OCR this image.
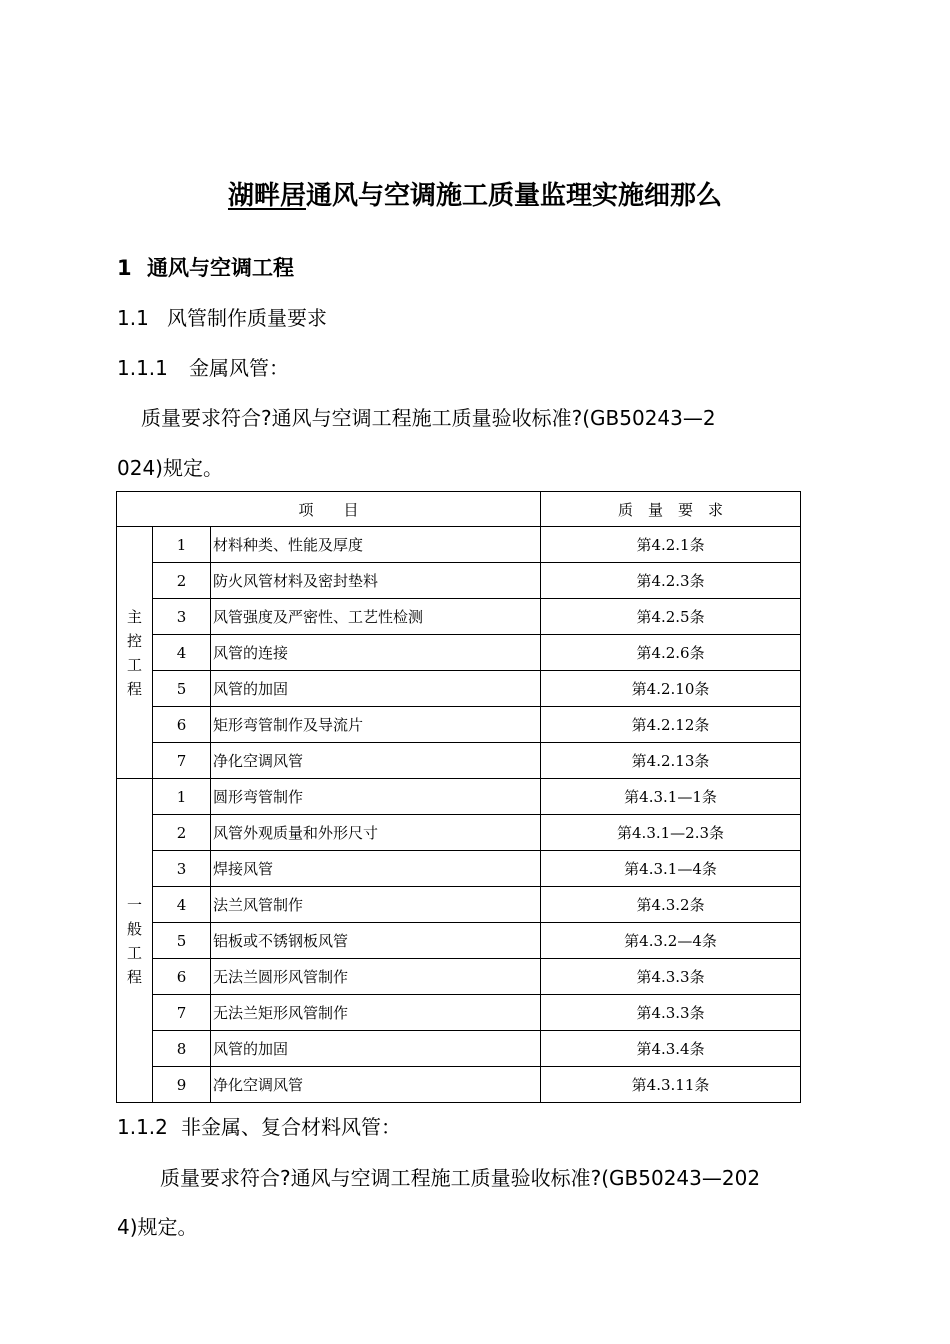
湖畔居通风与空调施工质量监理实施细那么
1 通风与空调工程
1.1 风管制作质量要求
1.1.1 金属风管：
质量要求符合?通风与空调工程施工质量验收标准?(GB50243—2
024)规定。
项　　目			质　量　要　求

主
控
工
程	1	材料种类、性能及厚度	第4.2.1条
	2	防火风管材料及密封垫料	第4.2.3条
	3	风管强度及严密性、工艺性检测	第4.2.5条
	4	风管的连接	第4.2.6条
	5	风管的加固	第4.2.10条
	6	矩形弯管制作及导流片	第4.2.12条
	7	净化空调风管	第4.2.13条

一
般
工
程	1	圆形弯管制作	第4.3.1—1条
	2	风管外观质量和外形尺寸	第4.3.1—2.3条
	3	焊接风管	第4.3.1—4条
	4	法兰风管制作	第4.3.2条
	5	铝板或不锈钢板风管	第4.3.2—4条
	6	无法兰圆形风管制作	第4.3.3条
	7	无法兰矩形风管制作	第4.3.3条
	8	风管的加固	第4.3.4条
	9	净化空调风管	第4.3.11条
1.1.2 非金属、复合材料风管：
质量要求符合?通风与空调工程施工质量验收标准?(GB50243—202
4)规定。
